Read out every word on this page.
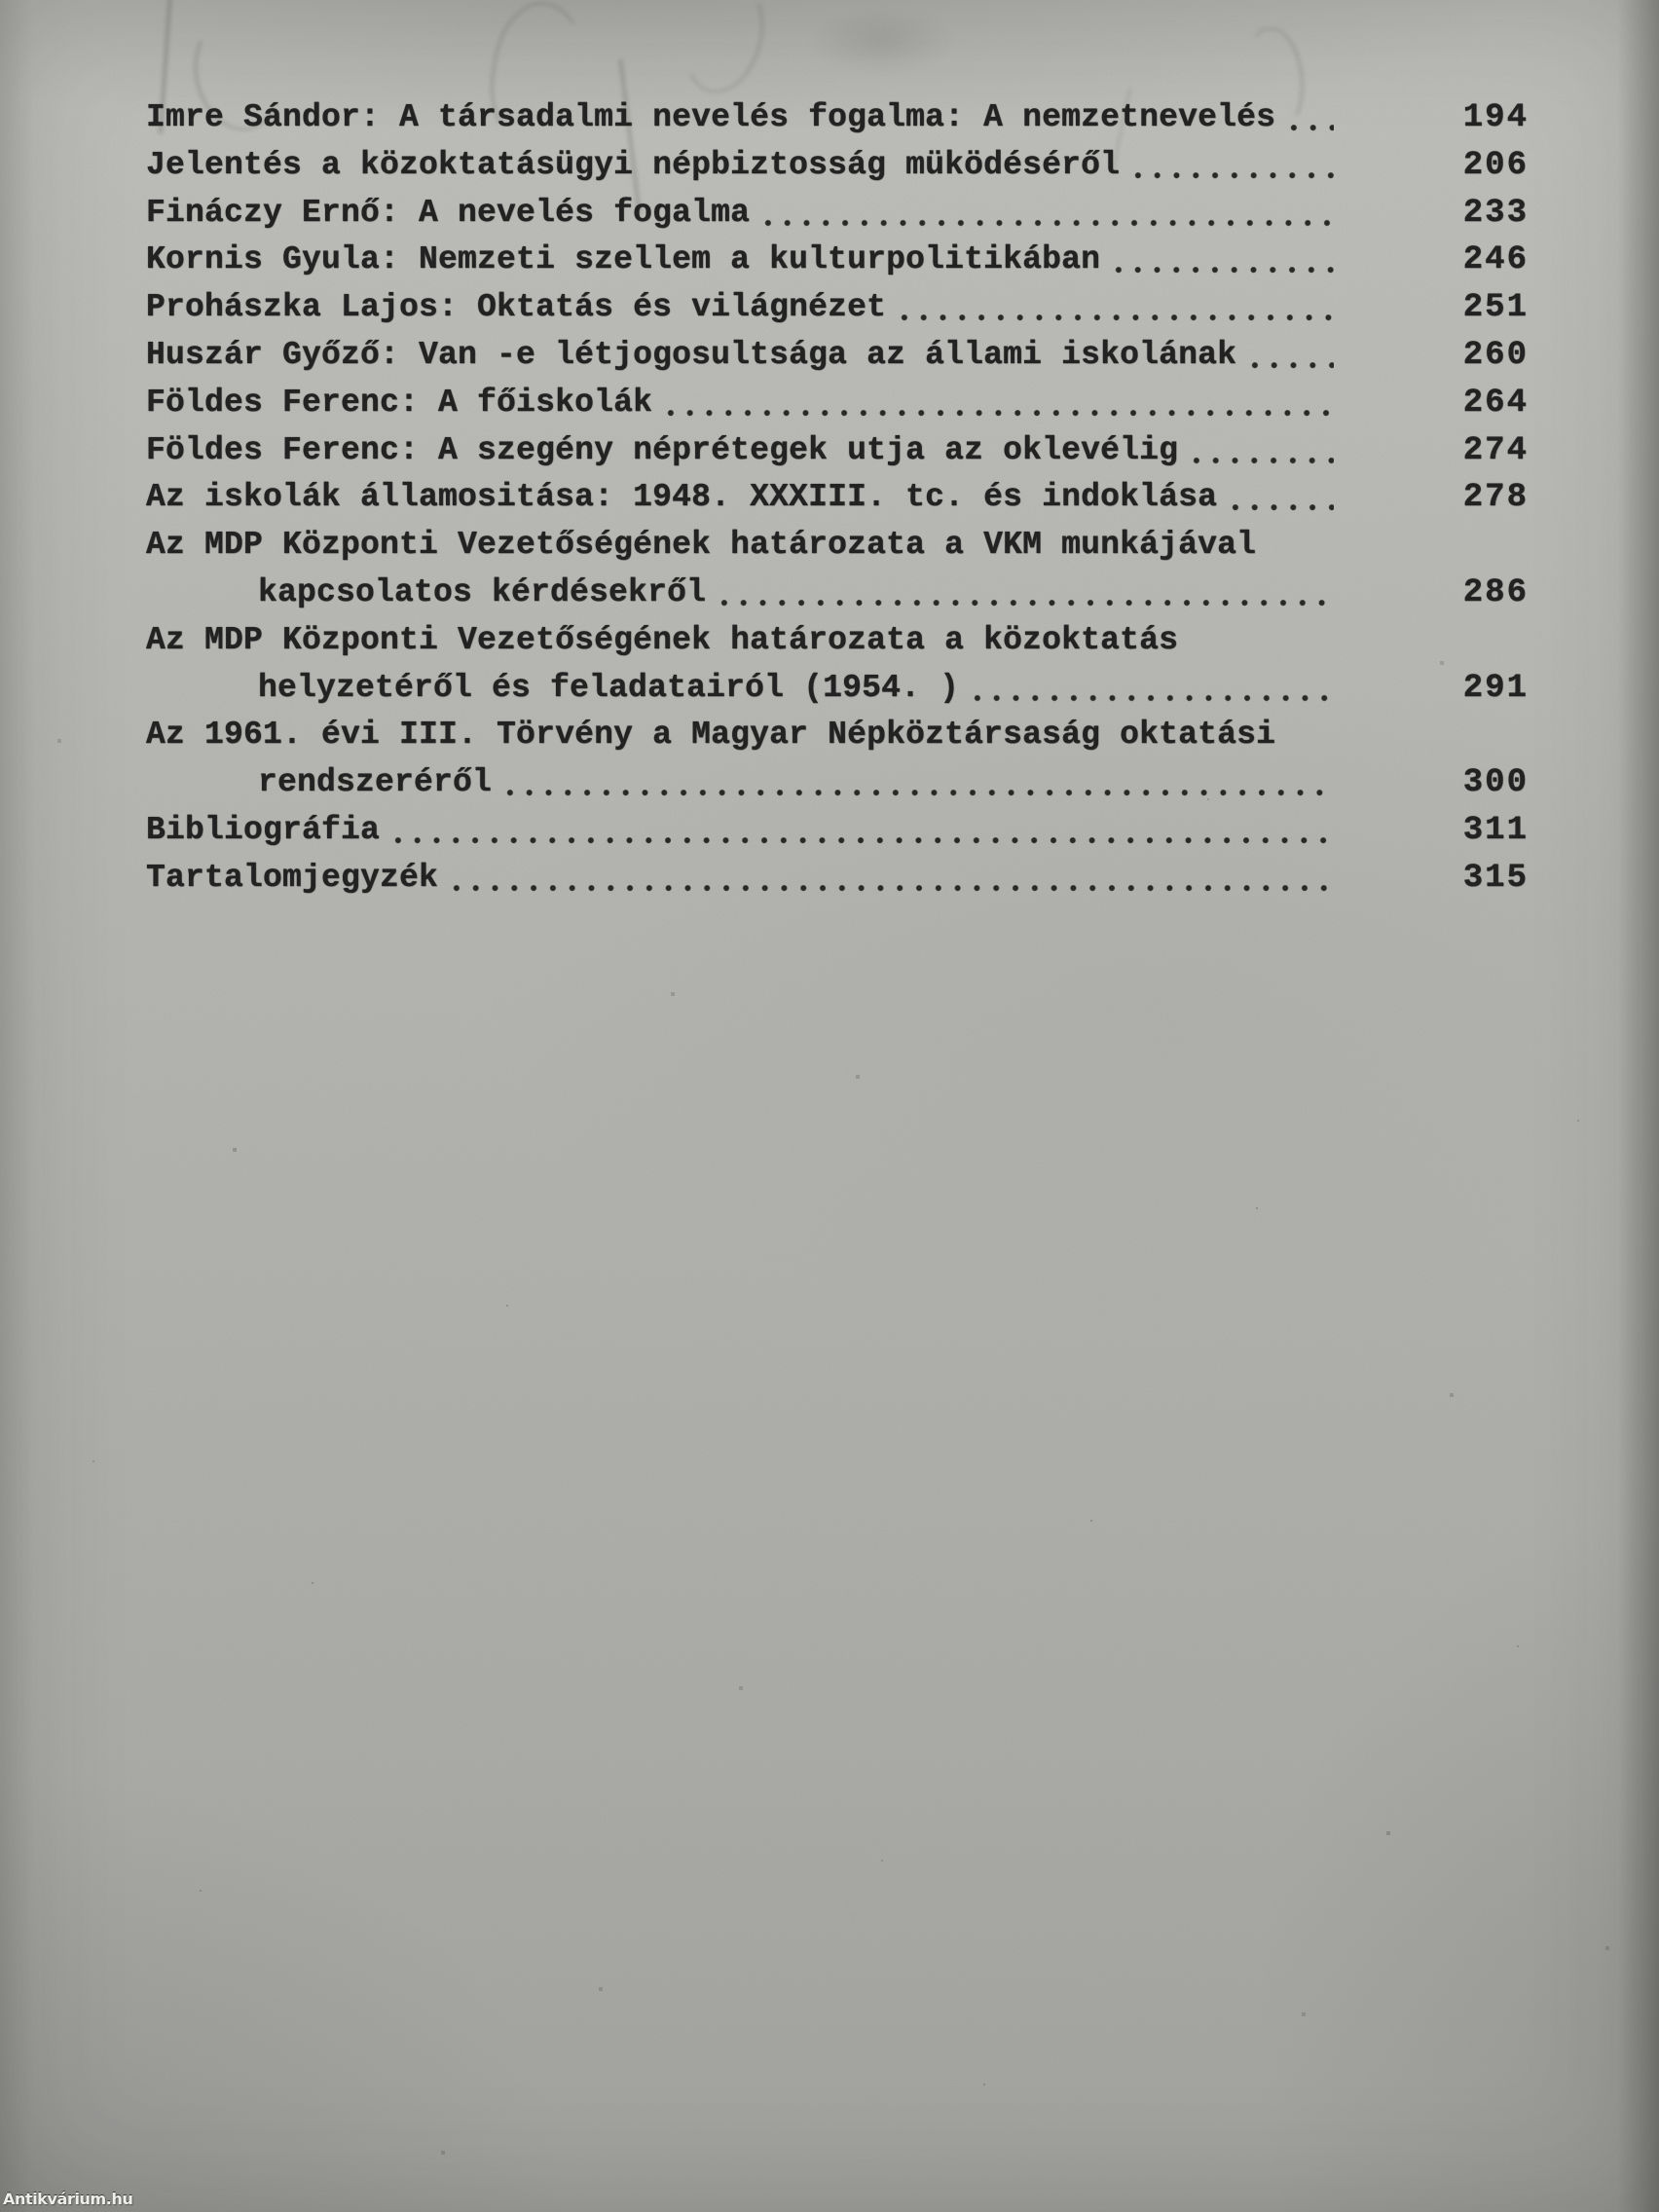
Imre Sándor: A társadalmi nevelés fogalma: A nemzetnevelés	194
Jelentés a közoktatásügyi népbiztosság müködéséről	206
Fináczy Ernő: A nevelés fogalma	233
Kornis Gyula: Nemzeti szellem a kulturpolitikában	246
Prohászka Lajos: Oktatás és világnézet	251
Huszár Győző: Van -e létjogosultsága az állami iskolának	260
Földes Ferenc: A főiskolák	264
Földes Ferenc: A szegény néprétegek utja az oklevélig	274
Az iskolák államositása: 1948. XXXIII. tc. és indoklása	278
Az MDP Központi Vezetőségének határozata a VKM munkájával
kapcsolatos kérdésekről	286
Az MDP Központi Vezetőségének határozata a közoktatás
helyzetéről és feladatairól (1954. )	291
Az 1961. évi III. Törvény a Magyar Népköztársaság oktatási
rendszeréről	300
Bibliográfia	311
Tartalomjegyzék	315
Antikvárium.hu
